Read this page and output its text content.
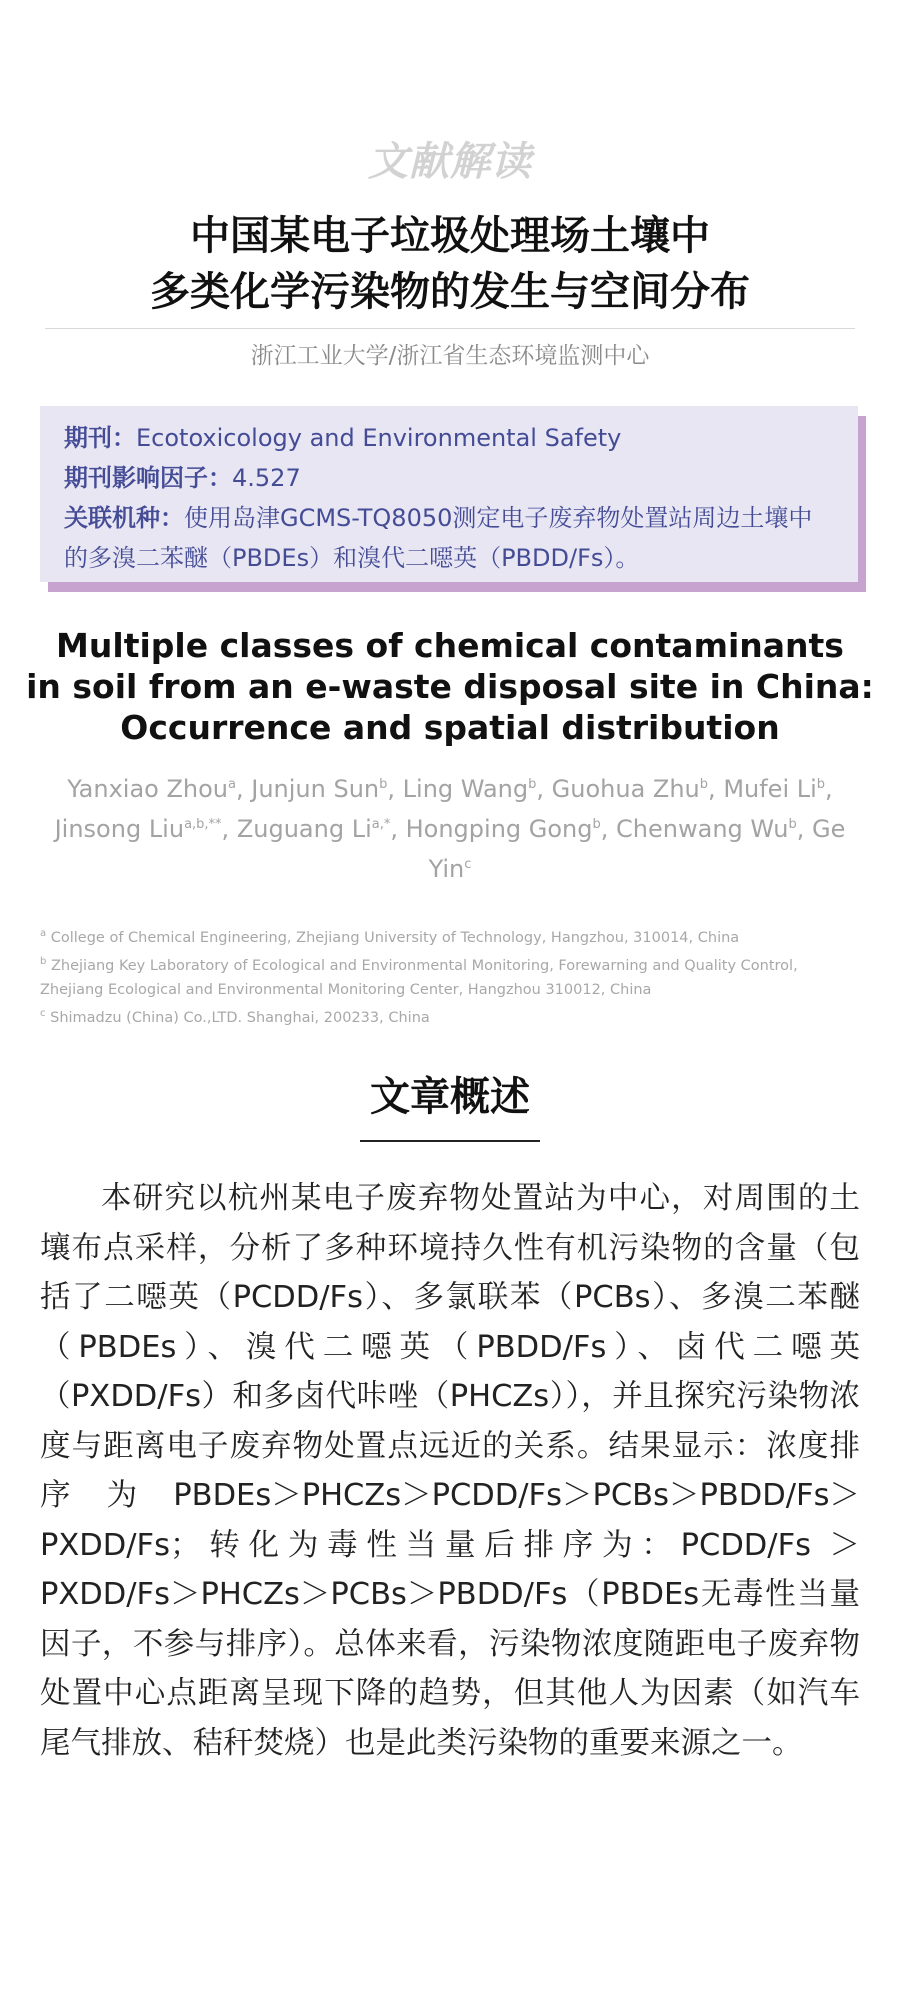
文献解读
中国某电子垃圾处理场土壤中
多类化学污染物的发生与空间分布
浙江工业大学/浙江省生态环境监测中心
期刊：Ecotoxicology and Environmental Safety
期刊影响因子：4.527
关联机种：使用岛津GCMS-TQ8050测定电子废弃物处置站周边土壤中
的多溴二苯醚（PBDEs）和溴代二噁英（PBDD/Fs）。
Multiple classes of chemical contaminants
in soil from an e-waste disposal site in China:
Occurrence and spatial distribution
Yanxiao Zhou$^a$, Junjun Sun$^b$, Ling Wang$^b$, Guohua Zhu$^b$, Mufei Li$^b$, Jinsong Liu$^{a,b,**}$, Zuguang $Li^{a,*}$, Hongping Gong$^b$, Chenwang Wu$^b$, Ge Yin$^c$
$^a$ College of Chemical Engineering, Zhejiang University of Technology, Hangzhou, 310014, China
$^b$ Zhejiang Key Laboratory of Ecological and Environmental Monitoring, Forewarning and Quality Control,
Zhejiang Ecological and Environmental Monitoring Center, Hangzhou 310012, China
$^c$ Shimadzu (China) Co.,LTD. Shanghai, 200233, China
文章概述
本研究以杭州某电子废弃物处置站为中心，对周围的土壤布点采样，分析了多种环境持久性有机污染物的含量（包括了二噁英（PCDD/Fs）、多氯联苯（PCBs）、多溴二苯醚（PBDEs）、溴代二噁英（PBDD/Fs）、卤代二噁英（PXDD/Fs）和多卤代咔唑（PHCZs）），并且探究污染物浓度与距离电子废弃物处置点远近的关系。结果显示：浓度排序为PBDEs＞PHCZs＞PCDD/Fs＞PCBs＞PBDD/Fs＞PXDD/Fs；转化为毒性当量后排序为：PCDD/Fs ＞ PXDD/Fs＞PHCZs＞PCBs＞PBDD/Fs（PBDEs无毒性当量因子，不参与排序）。总体来看，污染物浓度随距电子废弃物处置中心点距离呈现下降的趋势，但其他人为因素（如汽车尾气排放、秸秆焚烧）也是此类污染物的重要来源之一。
